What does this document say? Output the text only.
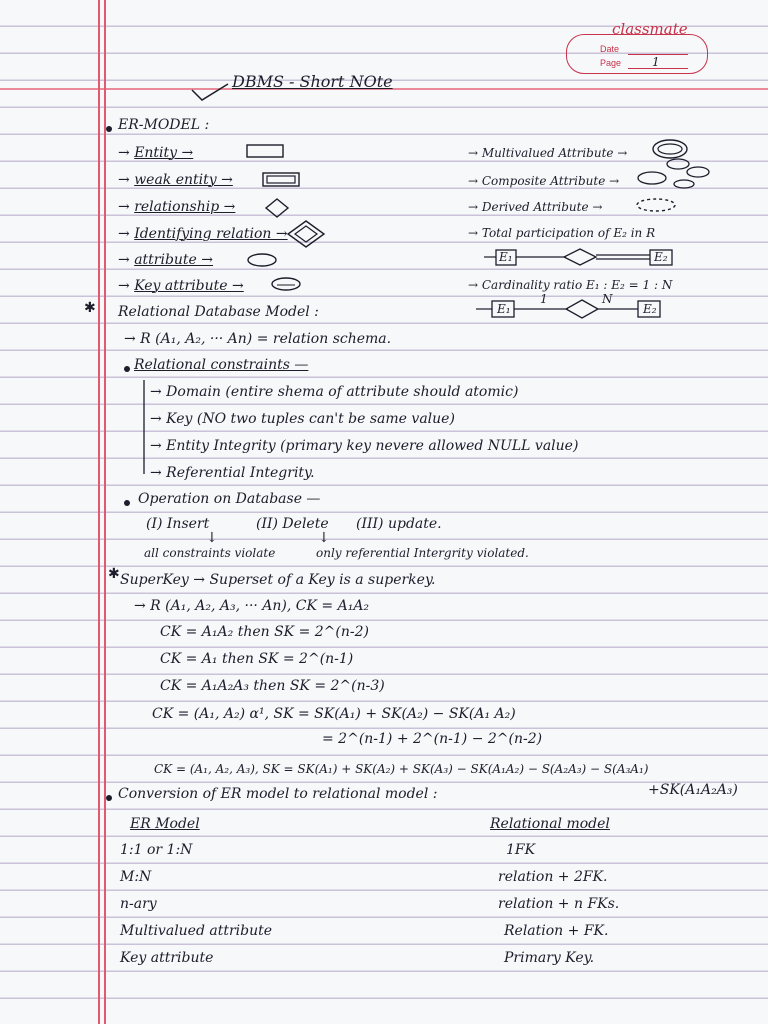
classmate
Date
Page	1
DBMS - Short NOte
ER-MODEL :
→ Entity →
→ weak entity →
→ relationship →
→ Identifying relation →
→ attribute →
→ Key attribute →
→ Multivalued Attribute →
→ Composite Attribute →
→ Derived Attribute →
→ Total participation of E₂ in R
→ Cardinality ratio E₁ : E₂ = 1 : N
E₁	E₂
E₁	E₂
1	N
✱ Relational Database Model :
→ R (A₁, A₂, ··· An) = relation schema.
Relational constraints —
→ Domain (entire shema of attribute should atomic)
→ Key (NO two tuples can't be same value)
→ Entity Integrity (primary key nevere allowed NULL value)
→ Referential Integrity.
Operation on Database —
(I) Insert	(II) Delete (III) update.
↓	↓
all constraints violate	only referential Intergrity violated.
✱ SuperKey → Superset of a Key is a superkey.
→ R (A₁, A₂, A₃, ··· An), CK = A₁A₂
CK = A₁A₂ then SK = 2^(n-2)
CK = A₁ then SK = 2^(n-1)
CK = A₁A₂A₃ then SK = 2^(n-3)
CK = (A₁, A₂) α¹, SK = SK(A₁) + SK(A₂) − SK(A₁ A₂)
= 2^(n-1) + 2^(n-1) − 2^(n-2)
CK = (A₁, A₂, A₃), SK = SK(A₁) + SK(A₂) + SK(A₃) − SK(A₁A₂) − S(A₂A₃) − S(A₃A₁)
+SK(A₁A₂A₃)
Conversion of ER model to relational model :
ER Model	Relational model
1:1 or 1:N	1FK
M:N	relation + 2FK.
n-ary	relation + n FKs.
Multivalued attribute	Relation + FK.
Key attribute	Primary Key.
